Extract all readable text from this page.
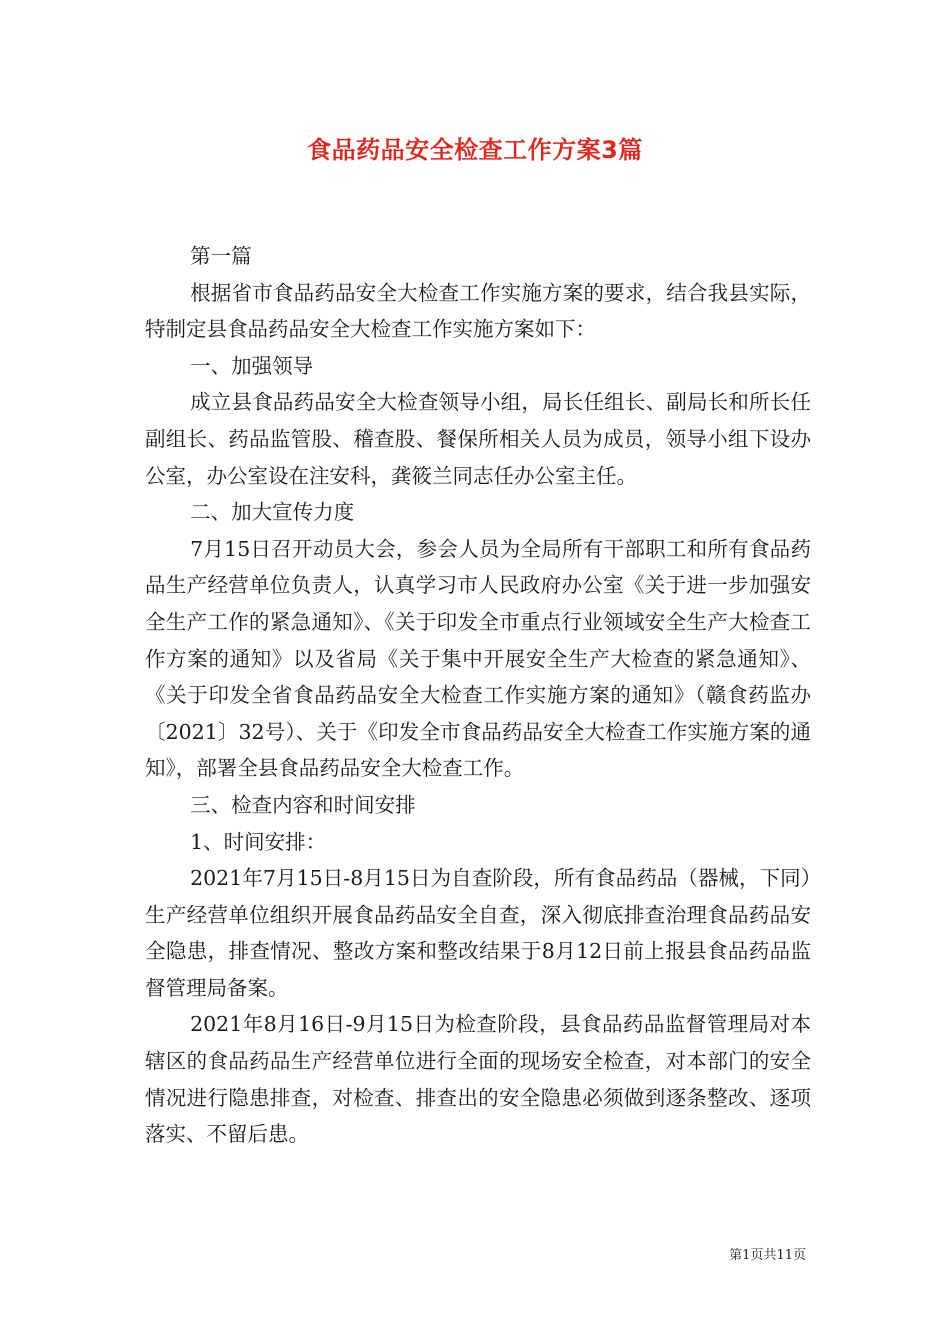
食品药品安全检查工作方案3篇

第一篇

根据省市食品药品安全大检查工作实施方案的要求，结合我县实际，特制定县食品药品安全大检查工作实施方案如下：

一、加强领导

成立县食品药品安全大检查领导小组，局长任组长、副局长和所长任副组长、药品监管股、稽查股、餐保所相关人员为成员，领导小组下设办公室，办公室设在注安科，龚筱兰同志任办公室主任。

二、加大宣传力度

7月15日召开动员大会，参会人员为全局所有干部职工和所有食品药品生产经营单位负责人，认真学习市人民政府办公室《关于进一步加强安全生产工作的紧急通知》、《关于印发全市重点行业领域安全生产大检查工作方案的通知》以及省局《关于集中开展安全生产大检查的紧急通知》、《关于印发全省食品药品安全大检查工作实施方案的通知》（赣食药监办〔2021〕32号）、关于《印发全市食品药品安全大检查工作实施方案的通知》，部署全县食品药品安全大检查工作。

三、检查内容和时间安排

1、时间安排：

2021年7月15日-8月15日为自查阶段，所有食品药品（器械，下同）生产经营单位组织开展食品药品安全自查，深入彻底排查治理食品药品安全隐患，排查情况、整改方案和整改结果于8月12日前上报县食品药品监督管理局备案。

2021年8月16日-9月15日为检查阶段，县食品药品监督管理局对本辖区的食品药品生产经营单位进行全面的现场安全检查，对本部门的安全情况进行隐患排查，对检查、排查出的安全隐患必须做到逐条整改、逐项落实、不留后患。

第1页共11页
